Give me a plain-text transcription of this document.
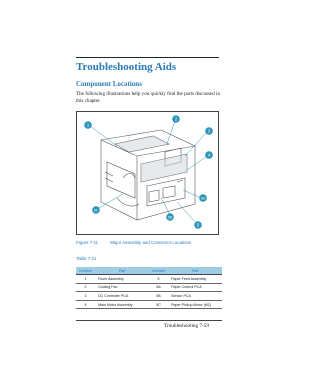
Troubleshooting Aids
Component Locations
The following illustrations help you quickly find the parts discussed in this chapter.
1
2
3
4
5A
5B
5C
5
Figure 7-11	Major Assembly and Connector Locations
Table 7-21
Number	Part	Number	Part
1	Fuser Assembly	5	Paper Feed Assembly
2	Cooling Fan	5A	Paper Control PCA
3	DC Controller PCA	5B	Sensor PCA
4	Main Motor Assembly	5C	Paper Pickup Motor (M2)
Troubleshooting 7-59
